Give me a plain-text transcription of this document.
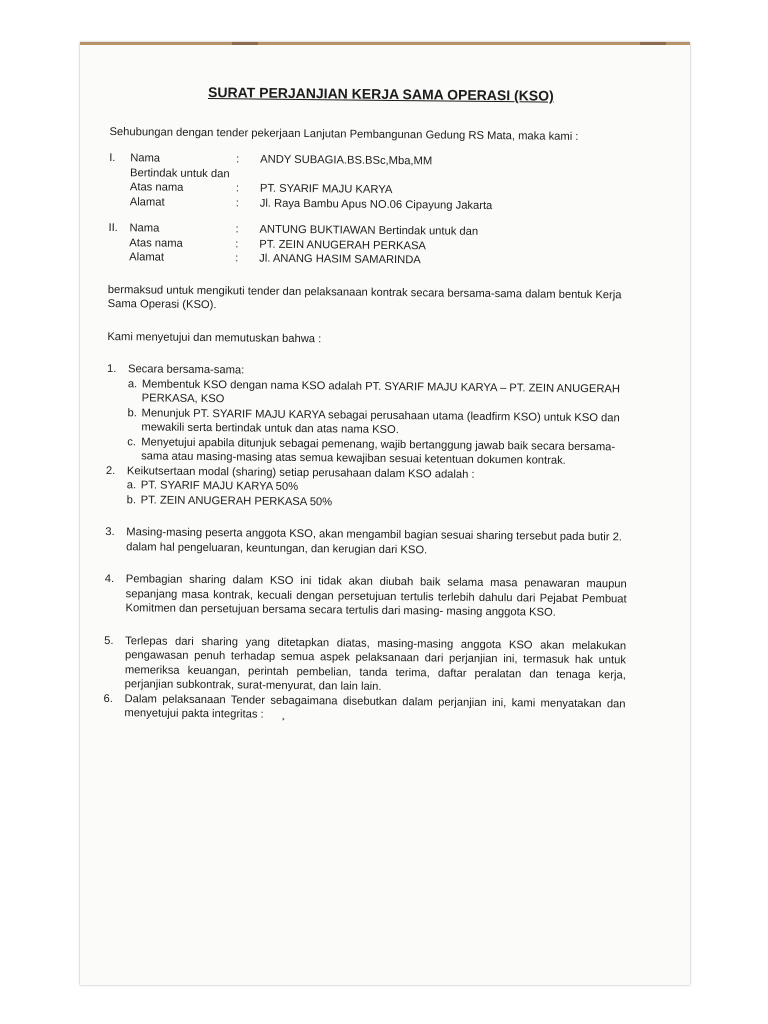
SURAT PERJANJIAN KERJA SAMA OPERASI (KSO)

Sehubungan dengan tender pekerjaan Lanjutan Pembangunan Gedung RS Mata, maka kami :

I.	Nama	:	ANDY SUBAGIA.BS.BSc,Mba,MM
Bertindak untuk dan
Atas nama	:	PT. SYARIF MAJU KARYA
Alamat	:	Jl. Raya Bambu Apus NO.06 Cipayung Jakarta
II.	Nama	:	ANTUNG BUKTIAWAN Bertindak untuk dan
Atas nama	:	PT. ZEIN ANUGERAH PERKASA
Alamat	:	Jl. ANANG HASIM SAMARINDA

bermaksud untuk mengikuti tender dan pelaksanaan kontrak secara bersama-sama dalam bentuk Kerja Sama Operasi (KSO).

Kami menyetujui dan memutuskan bahwa :

1.	Secara bersama-sama:
a. Membentuk KSO dengan nama KSO adalah PT. SYARIF MAJU KARYA – PT. ZEIN ANUGERAH PERKASA, KSO
b. Menunjuk PT. SYARIF MAJU KARYA sebagai perusahaan utama (leadfirm KSO) untuk KSO dan mewakili serta bertindak untuk dan atas nama KSO.
c. Menyetujui apabila ditunjuk sebagai pemenang, wajib bertanggung jawab baik secara bersama-sama atau masing-masing atas semua kewajiban sesuai ketentuan dokumen kontrak.
2.	Keikutsertaan modal (sharing) setiap perusahaan dalam KSO adalah :
a. PT. SYARIF MAJU KARYA 50%
b. PT. ZEIN ANUGERAH PERKASA 50%
3.	Masing-masing peserta anggota KSO, akan mengambil bagian sesuai sharing tersebut pada butir 2. dalam hal pengeluaran, keuntungan, dan kerugian dari KSO.
4.	Pembagian sharing dalam KSO ini tidak akan diubah baik selama masa penawaran maupun sepanjang masa kontrak, kecuali dengan persetujuan tertulis terlebih dahulu dari Pejabat Pembuat Komitmen dan persetujuan bersama secara tertulis dari masing- masing anggota KSO.
5.	Terlepas dari sharing yang ditetapkan diatas, masing-masing anggota KSO akan melakukan pengawasan penuh terhadap semua aspek pelaksanaan dari perjanjian ini, termasuk hak untuk memeriksa keuangan, perintah pembelian, tanda terima, daftar peralatan dan tenaga kerja, perjanjian subkontrak, surat-menyurat, dan lain lain.
6.	Dalam pelaksanaan Tender sebagaimana disebutkan dalam perjanjian ini, kami menyatakan dan menyetujui pakta integritas : ¸
